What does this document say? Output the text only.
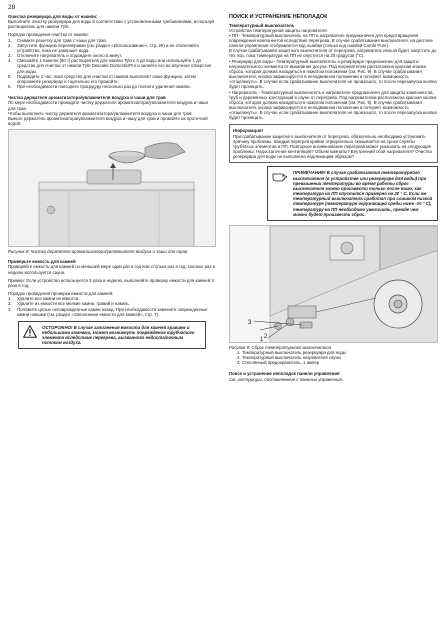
28
Очистка резервуара для воды от накипи:

Выполните очистку резервуара для воды в соответствии с установленными требованиями, используя растворитель для накипи Tylö.

Порядок проведения очистки от накипи:

1.	Снимите решетку для трав с чаши для трав.
2.	Запустите функцию перезаправки (см. раздел «Использование», стр. 26) и не отключайте устройство, пока не завершит вода.
3.	Отключите нагреватель и подождите около 5 минут.
4.	Смешайте 1 пакетик (80 г) растворителя для накипи Tylö с 4 дл воды или используйте 1 дл средства для очистки от накипи Tylö Descaler Domestic/Pro и залейте его во впускное отверстие для воды.
5.	Подождите 1 час, пока средство для очистки от накипи выполняет свою функцию, затем опорожните резервуар и тщательно его промойте.
6.	При необходимости повторите процедуру несколько раз до полного удаления накипи.
Чистка держателя ароматизатора/увлажнителя воздуха и чаши для трав

По мере необходимости проводите чистку держателя ароматизатора/увлажнителя воздуха и чаши для трав.

Чтобы выполнить чистку держателя ароматизатора/увлажнителя воздуха и чаши для трав:

Выньте держатель ароматизатора/увлажнителя воздуха и чашу для трав и промойте их проточной водой.

Рисунок 8: Чистка держателя ароматизатора/увлажнителя воздуха и чаши для трав

Проверьте емкость для камней

Проверяйте емкость для камней по меньшей мере один раз в год или столько раз в год, сколько раз в неделю используется сауна.

Пример: Если устройство используется 3 раза в неделю, выполняйте проверку емкости для камней 3 раза в год.

Порядок проведения проверки емкости для камней:

1.	Удалите все камни из емкости.
2.	Удалите из емкости все мелкие камни, гравий и накипь.
3.	Положите целые неповрежденные камни назад. При необходимости замените поврежденные камни новыми (см. раздел «Заполнение емкости для камней», стр. 7).
ОСТОРОЖНО! В случае заполнения емкости для камней гравием и небольшими камнями, может возникнуть повреждение трубчатого элемента вследствие перегрева, вызванного недостаточным потоком воздуха.
ПОИСК И УСТРАНЕНИЕ НЕПОЛАДОК
Температурный выключатель

Устройства температурной защиты нагревателя:

• ПП - Температурный выключатель на ПП в нагревателе предназначен для предотвращения повреждения компонентов вследствие перегрева. В случае срабатывания выключателя, на дисплее панели управления отображается код ошибки (только код ошибки Combi Pure).

В случае срабатывания защитного выключателя от перегрева, нагреватель нельзя будет запустить до тех пор, пока температура на ПП не опустится на 20 градусов (°C).

• Резервуар для воды - Температурный выключатель в резервуаре предназначен для защиты нагревательного элемента от выкипания досуха. Под нагревателем расположена красная кнопка сброса, которая должна находиться в нажатом положении (см. Рис. 9). В случае срабатывания выключателя, кнопка зафиксируется в неподвижном положении и потеряет возможность «отщелкнуть». В случае если срабатывание выключателя не произошло, то после перезапуска кнопка будет проницать.

• Нагреватель - Температурный выключатель в нагревателе предназначен для защиты компонентов, труб и деревянных конструкций в сауне от перегрева. Под нагревателем расположена красная кнопка сброса, которая должна находиться в нажатом положении (см. Рис. 9). В случае срабатывания выключателя, кнопка зафиксируется в неподвижном положении и потеряет возможность «отщелкнуть». В случае если срабатывание выключателя не произошло, то после перезапуска кнопка будет проницать.

Информация!

При срабатывании защитного выключателя от перегрева, обязательно необходимо установить причину проблемы. Каждый перегрев крайне отрицательно сказывается на сроке службы трубчатых элементов и ПП. Повторное возникновение перегрева может указывать на следующие проблемы: Недостаточная вентиляция? Объем комнаты? Внутренний сбой нагревателя? Очистка резервуара для воды не выполнена надлежащим образом?

ПРИМЕЧАНИЕ! В случае срабатывания температурного выключателя (в устройстве или резервуаре для воды) при превышении температуры во время работы сброс выключателя можно произвести только после того, как температура на ПП опустится примерно на 20 ° С. Если же температурный выключатель сработал при слишком низкой температуре (температуре окружающей среды ниже -10 ° С), температуру на ПП необходимо увеличить, прежде чем можно будет произвести сброс.
1 2
3

Рисунок 9: Сброс температурного выключателя

1. Температурный выключатель резервуара для воды

2. Температурный выключатель нагревателя сауны

3. Стеклянный предохранитель, 1 ампер

Поиск и устранение неполадок панели управления

См. инструкции, поставляемые с панелью управления.
